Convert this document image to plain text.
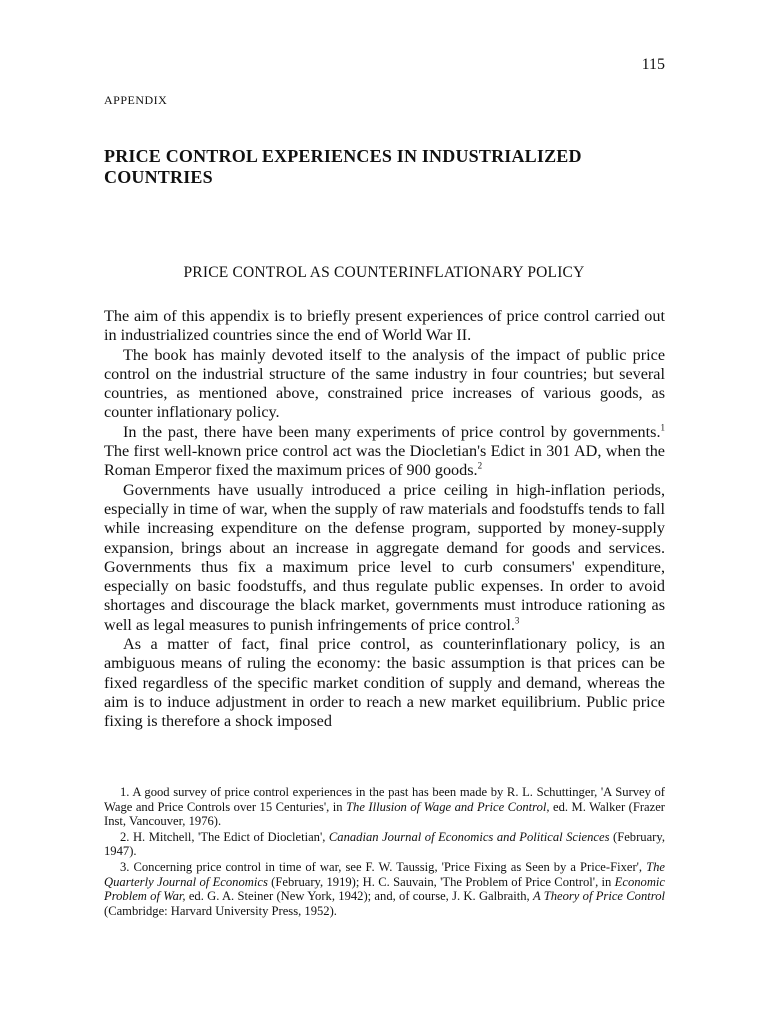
115
APPENDIX
PRICE CONTROL EXPERIENCES IN INDUSTRIALIZED COUNTRIES
PRICE CONTROL AS COUNTERINFLATIONARY POLICY

The aim of this appendix is to briefly present experiences of price control carried out in industrialized countries since the end of World War II.

The book has mainly devoted itself to the analysis of the impact of public price control on the industrial structure of the same industry in four countries; but several countries, as mentioned above, constrained price increases of various goods, as counter inflationary policy.

In the past, there have been many experiments of price control by governments.$^1$ The first well-known price control act was the Diocletian's Edict in 301 AD, when the Roman Emperor fixed the maximum prices of 900 goods.$^2$

Governments have usually introduced a price ceiling in high-inflation periods, especially in time of war, when the supply of raw materials and foodstuffs tends to fall while increasing expenditure on the defense program, supported by money-supply expansion, brings about an increase in aggregate demand for goods and services. Governments thus fix a maximum price level to curb consumers' expenditure, especially on basic foodstuffs, and thus regulate public expenses. In order to avoid shortages and discourage the black market, governments must introduce rationing as well as legal measures to punish infringements of price control.$^3$

As a matter of fact, final price control, as counterinflationary policy, is an ambiguous means of ruling the economy: the basic assumption is that prices can be fixed regardless of the specific market condition of supply and demand, whereas the aim is to induce adjustment in order to reach a new market equilibrium. Public price fixing is therefore a shock imposed

1. A good survey of price control experiences in the past has been made by R. L. Schuttinger, 'A Survey of Wage and Price Controls over 15 Centuries', in The Illusion of Wage and Price Control, ed. M. Walker (Frazer Inst, Vancouver, 1976).

2. H. Mitchell, 'The Edict of Diocletian', Canadian Journal of Economics and Political Sciences (February, 1947).

3. Concerning price control in time of war, see F. W. Taussig, 'Price Fixing as Seen by a Price-Fixer', The Quarterly Journal of Economics (February, 1919); H. C. Sauvain, 'The Problem of Price Control', in Economic Problem of War, ed. G. A. Steiner (New York, 1942); and, of course, J. K. Galbraith, A Theory of Price Control (Cambridge: Harvard University Press, 1952).
